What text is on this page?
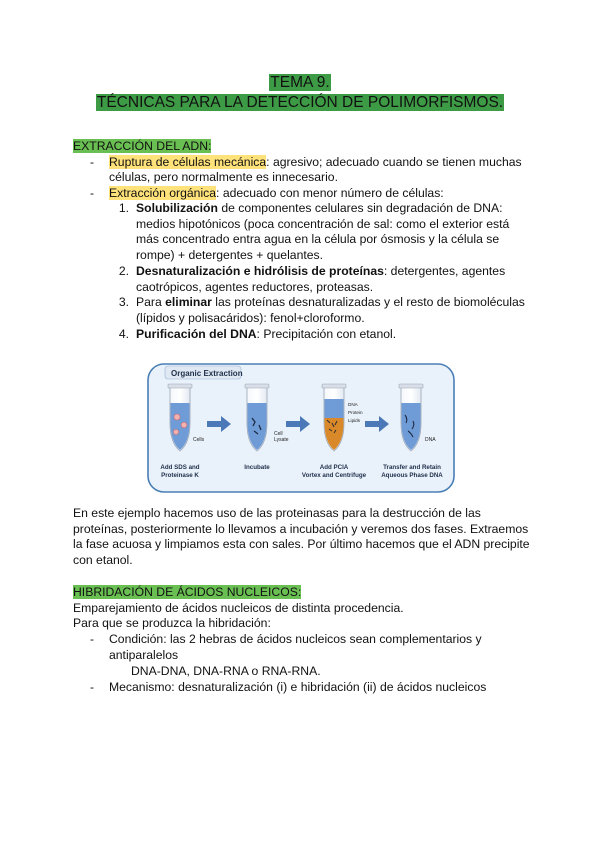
TEMA 9.
TÉCNICAS PARA LA DETECCIÓN DE POLIMORFISMOS.
EXTRACCIÓN DEL ADN:
-	Ruptura de células mecánica: agresivo; adecuado cuando se tienen muchas
células, pero normalmente es innecesario.
-	Extracción orgánica: adecuado con menor número de células:
1. Solubilización de componentes celulares sin degradación de DNA:
medios hipotónicos (poca concentración de sal: como el exterior está
más concentrado entra agua en la célula por ósmosis y la célula se
rompe) + detergentes + quelantes.
2. Desnaturalización e hidrólisis de proteínas: detergentes, agentes
caotrópicos, agentes reductores, proteasas.
3. Para eliminar las proteínas desnaturalizadas y el resto de biomoléculas
(lípidos y polisacáridos): fenol+cloroformo.
4. Purificación del DNA: Precipitación con etanol.
Organic Extraction
Cells
Cell
Lysate
DNA
Protein
Lipids
DNA
Add SDS and
Proteinase K
Incubate	Add PCIA
Vortex and Centrifuge
Transfer and Retain
Aqueous Phase DNA
En este ejemplo hacemos uso de las proteinasas para la destrucción de las
proteínas, posteriormente lo llevamos a incubación y veremos dos fases. Extraemos
la fase acuosa y limpiamos esta con sales. Por último hacemos que el ADN precipite
con etanol.
HIBRIDACIÓN DE ÁCIDOS NUCLEICOS:
Emparejamiento de ácidos nucleicos de distinta procedencia.
Para que se produzca la hibridación:
-	Condición: las 2 hebras de ácidos nucleicos sean complementarios y
antiparalelos
DNA-DNA, DNA-RNA o RNA-RNA.
-	Mecanismo: desnaturalización (i) e hibridación (ii) de ácidos nucleicos
